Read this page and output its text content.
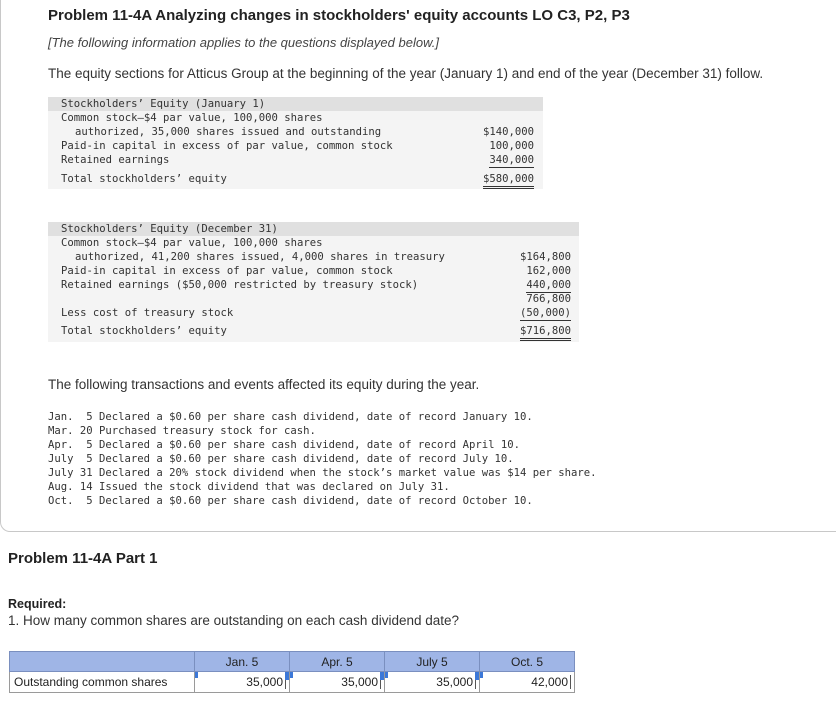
Problem 11-4A Analyzing changes in stockholders' equity accounts LO C3, P2, P3
[The following information applies to the questions displayed below.]
The equity sections for Atticus Group at the beginning of the year (January 1) and end of the year (December 31) follow.
Stockholders’ Equity (January 1)
Common stock—$4 par value, 100,000 shares
authorized, 35,000 shares issued and outstanding	$140,000
Paid-in capital in excess of par value, common stock	100,000
Retained earnings	340,000
Total stockholders’ equity	$580,000
Stockholders’ Equity (December 31)
Common stock—$4 par value, 100,000 shares
authorized, 41,200 shares issued, 4,000 shares in treasury	$164,800
Paid-in capital in excess of par value, common stock	162,000
Retained earnings ($50,000 restricted by treasury stock)	440,000
766,800
Less cost of treasury stock	(50,000)
Total stockholders’ equity	$716,800
The following transactions and events affected its equity during the year.
Jan.  5 Declared a $0.60 per share cash dividend, date of record January 10.
Mar. 20 Purchased treasury stock for cash.
Apr.  5 Declared a $0.60 per share cash dividend, date of record April 10.
July  5 Declared a $0.60 per share cash dividend, date of record July 10.
July 31 Declared a 20% stock dividend when the stock’s market value was $14 per share.
Aug. 14 Issued the stock dividend that was declared on July 31.
Oct.  5 Declared a $0.60 per share cash dividend, date of record October 10.
Problem 11-4A Part 1
Required:
1. How many common shares are outstanding on each cash dividend date?
	Jan. 5	Apr. 5	July 5	Oct. 5
Outstanding common shares	35,000	35,000	35,000	42,000
